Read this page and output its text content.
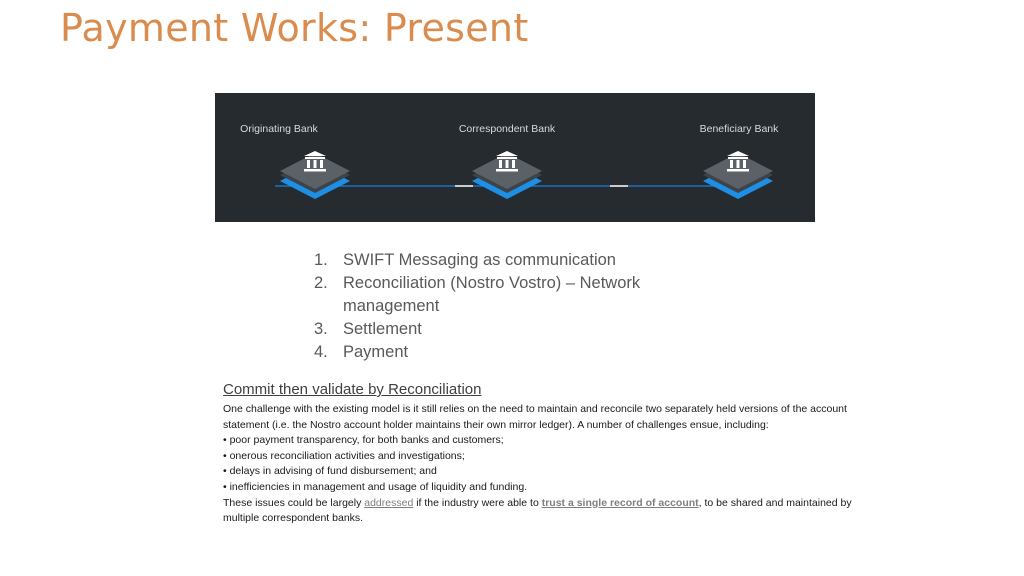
Payment Works: Present
Originating Bank	Correspondent Bank	Beneficiary Bank
1. SWIFT Messaging as communication
2. Reconciliation (Nostro Vostro) – Network management
3. Settlement
4. Payment
Commit then validate by Reconciliation

One challenge with the existing model is it still relies on the need to maintain and reconcile two separately held versions of the account statement (i.e. the Nostro account holder maintains their own mirror ledger). A number of challenges ensue, including:

• poor payment transparency, for both banks and customers;

• onerous reconciliation activities and investigations;

• delays in advising of fund disbursement; and

• inefficiencies in management and usage of liquidity and funding.

These issues could be largely addressed if the industry were able to trust a single record of account, to be shared and maintained by multiple correspondent banks.
